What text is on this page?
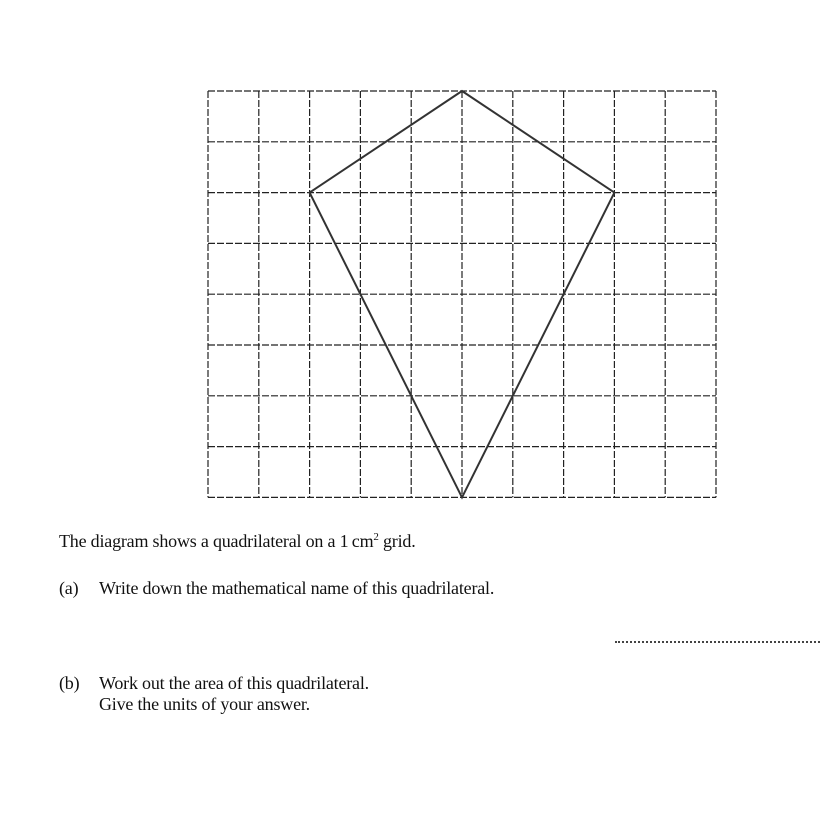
The diagram shows a quadrilateral on a 1 $cm^2$ grid.
(a) Write down the mathematical name of this quadrilateral.
(b) Work out the area of this quadrilateral.
Give the units of your answer.
